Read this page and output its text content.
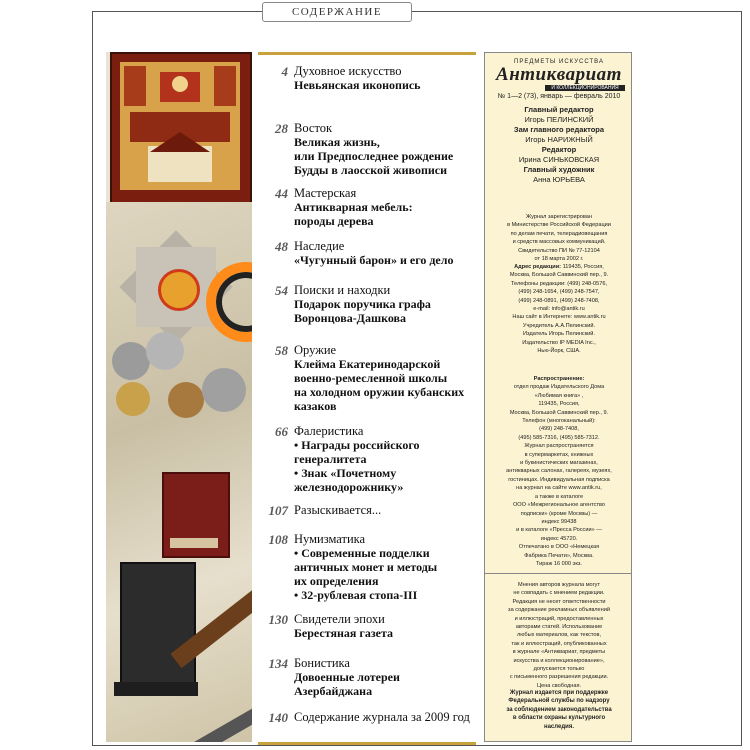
СОДЕРЖАНИЕ
4 Духовное искусство
Невьянская иконопись
28 Восток
Великая жизнь,
или Предпоследнее рождение
Будды в лаосской живописи
44 Мастерская
Антикварная мебель:
породы дерева
48 Наследие
«Чугунный барон» и его дело
54 Поиски и находки
Подарок поручика графа
Воронцова-Дашкова
58 Оружие
Клейма Екатеринодарской
военно-ремесленной школы
на холодном оружии кубанских
казаков
66 Фалеристика
• Награды российского
генералитета
• Знак «Почетному
железнодорожнику»
107 Разыскивается...
108 Нумизматика
• Современные подделки
античных монет и методы
их определения
• 32-рублевая стопа-III
130 Свидетели эпохи
Берестяная газета
134 Бонистика
Довоенные лотереи
Азербайджана
140 Содержание журнала за 2009 год
ПРЕДМЕТЫ ИСКУССТВА
Антиквариат
И КОЛЛЕКЦИОНИРОВАНИЯ
№ 1—2 (73), январь — февраль 2010
Главный редактор
Игорь ПЕЛИНСКИЙ
Зам главного редактора
Игорь НАРИЖНЫЙ
Редактор
Ирина СИНЬКОВСКАЯ
Главный художник
Анна ЮРЬЕВА
Журнал зарегистрирован
в Министерстве Российской Федерации
по делам печати, телерадиовещания
и средств массовых коммуникаций.
Свидетельство ПИ № 77-12104
от 18 марта 2002 г.
Адрес редакции: 119435, Россия,
Москва, Большой Саввинский пер., 9.
Телефоны редакции: (499) 248-0576,
(499) 248-1654, (499) 248-7547,
(499) 248-0891, (499) 248-7408,
e-mail: info@antik.ru
Наш сайт в Интернете: www.antik.ru
Учредитель А.А.Пелинский.
Издатель Игорь Пелинский.
Издательство IP MEDIA Inc.,
Нью-Йорк, США.
Распространение:
отдел продаж Издательского Дома
«Любимая книга» ,
119435, Россия,
Москва, Большой Саввинский пер., 9.
Телефон (многоканальный):
(499) 248-7408,
(495) 585-7316, (495) 585-7312.
Журнал распространяется
в супермаркетах, книжных
и букинистических магазинах,
антикварных салонах, галереях, музеях,
гостиницах. Индивидуальная подписка
на журнал на сайте www.antik.ru,
а также в каталоге
ООО «Межрегиональное агентство
подписки» (кроме Москвы) —
индекс 99438
и в каталоге «Пресса России» —
индекс 45720.
Отпечатано в ООО «Немецкая
Фабрика Печати», Москва.
Тираж 16 000 экз.
Мнения авторов журнала могут
не совпадать с мнением редакции.
Редакция не несет ответственности
за содержание рекламных объявлений
и иллюстраций, предоставленных
авторами статей. Использование
любых материалов, как текстов,
так и иллюстраций, опубликованных
в журнале «Антиквариат, предметы
искусства и коллекционирование»,
допускается только
с письменного разрешения редакции.
Цена свободная.
Журнал издается при поддержке
Федеральной службы по надзору
за соблюдением законодательства
в области охраны культурного
наследия.
